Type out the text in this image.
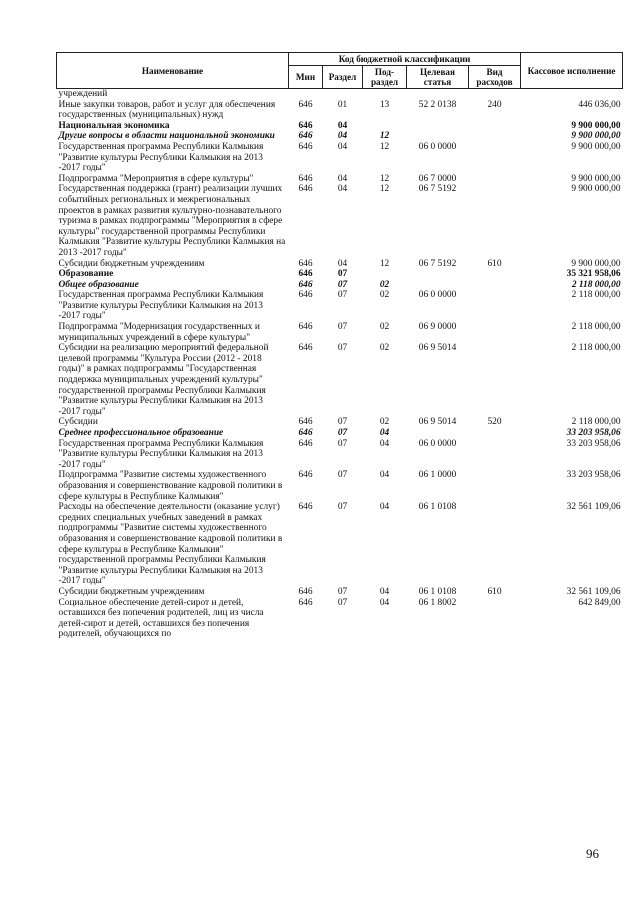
Наименование	Код бюджетной классификации					Кассовое исполнение
	Мин	Раздел	Под-раздел	Целевая статья	Вид расходов	
учреждений						
Иные закупки товаров, работ и услуг для обеспечения государственных (муниципальных) нужд	646	01	13	52 2 0138	240	446 036,00
Национальная экономика	646	04				9 900 000,00
Другие вопросы в области национальной экономики	646	04	12			9 900 000,00
Государственная программа Республики Калмыкия "Развитие культуры Республики Калмыкия на 2013 -2017 годы"	646	04	12	06 0 0000		9 900 000,00
Подпрограмма "Мероприятия в сфере культуры"	646	04	12	06 7 0000		9 900 000,00
Государственная поддержка (грант) реализации лучших событийных региональных и межрегиональных проектов в рамках развития культурно-познавательного туризма в рамках подпрограммы "Мероприятия в сфере культуры" государственной программы Республики Калмыкия "Развитие культуры Республики Калмыкия на 2013 -2017 годы"	646	04	12	06 7 5192		9 900 000,00
Субсидии бюджетным учреждениям	646	04	12	06 7 5192	610	9 900 000,00
Образование	646	07				35 321 958,06
Общее образование	646	07	02			2 118 000,00
Государственная программа Республики Калмыкия "Развитие культуры Республики Калмыкия на 2013 -2017 годы"	646	07	02	06 0 0000		2 118 000,00
Подпрограмма "Модернизация государственных и муниципальных учреждений в сфере культуры"	646	07	02	06 9 0000		2 118 000,00
Субсидии на реализацию мероприятий федеральной целевой программы "Культура России (2012 - 2018 годы)" в рамках подпрограммы "Государственная поддержка муниципальных учреждений культуры" государственной программы Республики Калмыкия "Развитие культуры Республики Калмыкия на 2013 -2017 годы"	646	07	02	06 9 5014		2 118 000,00
Субсидии	646	07	02	06 9 5014	520	2 118 000,00
Среднее профессиональное образование	646	07	04			33 203 958,06
Государственная программа Республики Калмыкия "Развитие культуры Республики Калмыкия на 2013 -2017 годы"	646	07	04	06 0 0000		33 203 958,06
Подпрограмма "Развитие системы художественного образования и совершенствование кадровой политики в сфере культуры в Республике Калмыкия"	646	07	04	06 1 0000		33 203 958,06
Расходы на обеспечение деятельности (оказание услуг) средних специальных учебных заведений в рамках подпрограммы "Развитие системы художественного образования и совершенствование кадровой политики в сфере культуры в Республике Калмыкия" государственной программы Республики Калмыкия "Развитие культуры Республики Калмыкия на 2013 -2017 годы"	646	07	04	06 1 0108		32 561 109,06
Субсидии бюджетным учреждениям	646	07	04	06 1 0108	610	32 561 109,06
Социальное обеспечение детей-сирот и детей, оставшихся без попечения родителей, лиц из числа детей-сирот и детей, оставшихся без попечения родителей, обучающихся по	646	07	04	06 1 8002		642 849,00
96
